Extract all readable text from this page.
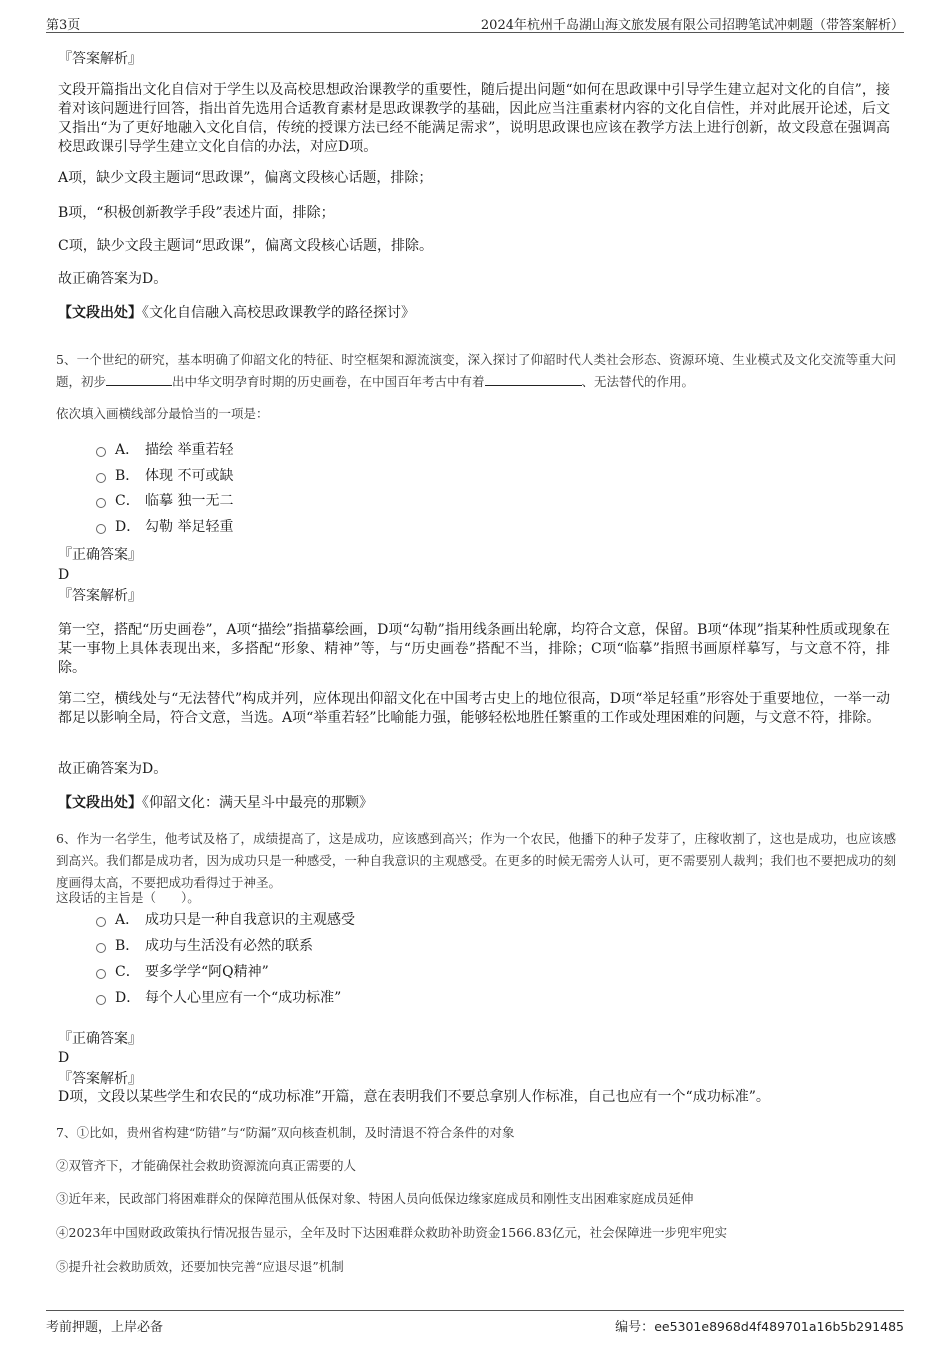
第3页	2024年杭州千岛湖山海文旅发展有限公司招聘笔试冲刺题（带答案解析）
『答案解析』
文段开篇指出文化自信对于学生以及高校思想政治课教学的重要性，随后提出问题“如何在思政课中引导学生建立起对文化的自信”，接着对该问题进行回答，指出首先选用合适教育素材是思政课教学的基础，因此应当注重素材内容的文化自信性，并对此展开论述，后文又指出“为了更好地融入文化自信，传统的授课方法已经不能满足需求”，说明思政课也应该在教学方法上进行创新，故文段意在强调高校思政课引导学生建立文化自信的办法，对应D项。
A项，缺少文段主题词“思政课”，偏离文段核心话题，排除；
B项，“积极创新教学手段”表述片面，排除；
C项，缺少文段主题词“思政课”，偏离文段核心话题，排除。
故正确答案为D。
【文段出处】《文化自信融入高校思政课教学的路径探讨》
5、一个世纪的研究，基本明确了仰韶文化的特征、时空框架和源流演变，深入探讨了仰韶时代人类社会形态、资源环境、生业模式及文化交流等重大问题，初步	出中华文明孕育时期的历史画卷，在中国百年考古中有着	、无法替代的作用。
依次填入画横线部分最恰当的一项是：
A． 描绘 举重若轻
B． 体现 不可或缺
C． 临摹 独一无二
D． 勾勒 举足轻重
『正确答案』
D
『答案解析』
第一空，搭配“历史画卷”，A项“描绘”指描摹绘画，D项“勾勒”指用线条画出轮廓，均符合文意，保留。B项“体现”指某种性质或现象在某一事物上具体表现出来，多搭配“形象、精神”等，与“历史画卷”搭配不当，排除；C项“临摹”指照书画原样摹写，与文意不符，排除。
第二空，横线处与“无法替代”构成并列，应体现出仰韶文化在中国考古史上的地位很高，D项“举足轻重”形容处于重要地位，一举一动都足以影响全局，符合文意，当选。A项“举重若轻”比喻能力强，能够轻松地胜任繁重的工作或处理困难的问题，与文意不符，排除。
故正确答案为D。
【文段出处】《仰韶文化：满天星斗中最亮的那颗》
6、作为一名学生，他考试及格了，成绩提高了，这是成功，应该感到高兴；作为一个农民，他播下的种子发芽了，庄稼收割了，这也是成功，也应该感到高兴。我们都是成功者，因为成功只是一种感受，一种自我意识的主观感受。在更多的时候无需旁人认可，更不需要别人裁判；我们也不要把成功的刻度画得太高，不要把成功看得过于神圣。
这段话的主旨是（　　）。
A． 成功只是一种自我意识的主观感受
B． 成功与生活没有必然的联系
C． 要多学学“阿Q精神”
D． 每个人心里应有一个“成功标准”
『正确答案』
D
『答案解析』
D项，文段以某些学生和农民的“成功标准”开篇，意在表明我们不要总拿别人作标准，自己也应有一个“成功标准”。
7、①比如，贵州省构建“防错”与“防漏”双向核查机制，及时清退不符合条件的对象
②双管齐下，才能确保社会救助资源流向真正需要的人
③近年来，民政部门将困难群众的保障范围从低保对象、特困人员向低保边缘家庭成员和刚性支出困难家庭成员延伸
④2023年中国财政政策执行情况报告显示，全年及时下达困难群众救助补助资金1566.83亿元，社会保障进一步兜牢兜实
⑤提升社会救助质效，还要加快完善“应退尽退”机制
考前押题，上岸必备	编号：ee5301e8968d4f489701a16b5b291485
